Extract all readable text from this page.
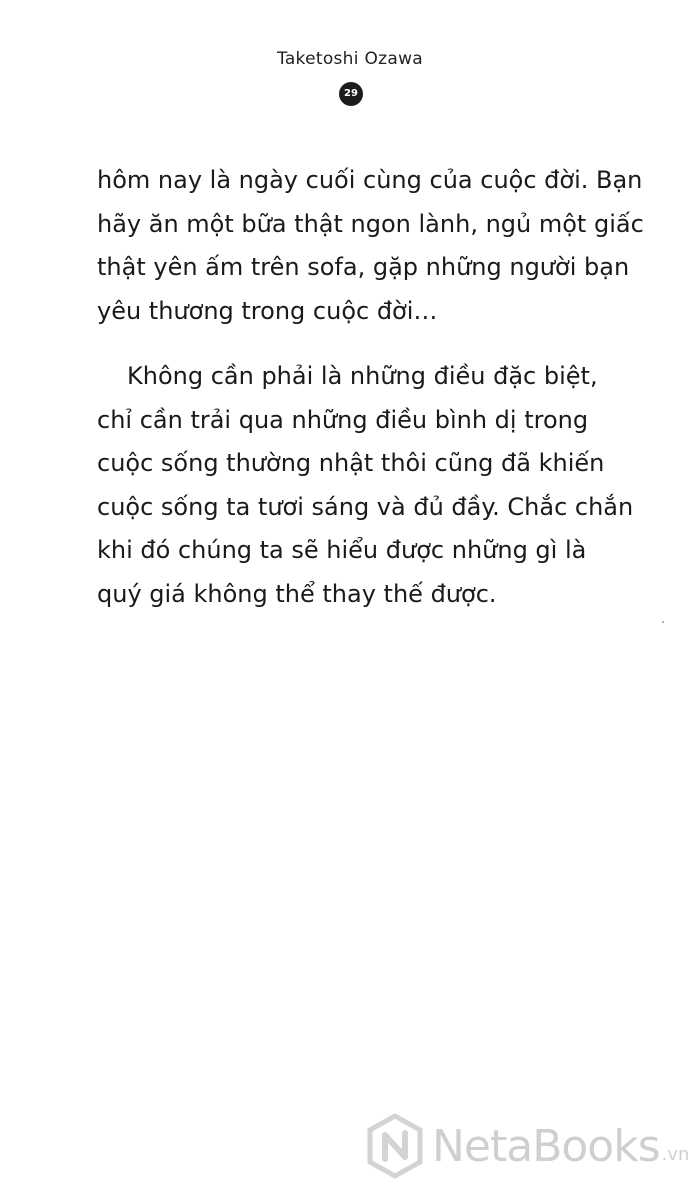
Taketoshi Ozawa
29
hôm nay là ngày cuối cùng của cuộc đời. Bạn
hãy ăn một bữa thật ngon lành, ngủ một giấc
thật yên ấm trên sofa, gặp những người bạn
yêu thương trong cuộc đời…
Không cần phải là những điều đặc biệt,
chỉ cần trải qua những điều bình dị trong
cuộc sống thường nhật thôi cũng đã khiến
cuộc sống ta tươi sáng và đủ đầy. Chắc chắn
khi đó chúng ta sẽ hiểu được những gì là
quý giá không thể thay thế được.
NetaBooks .vn
